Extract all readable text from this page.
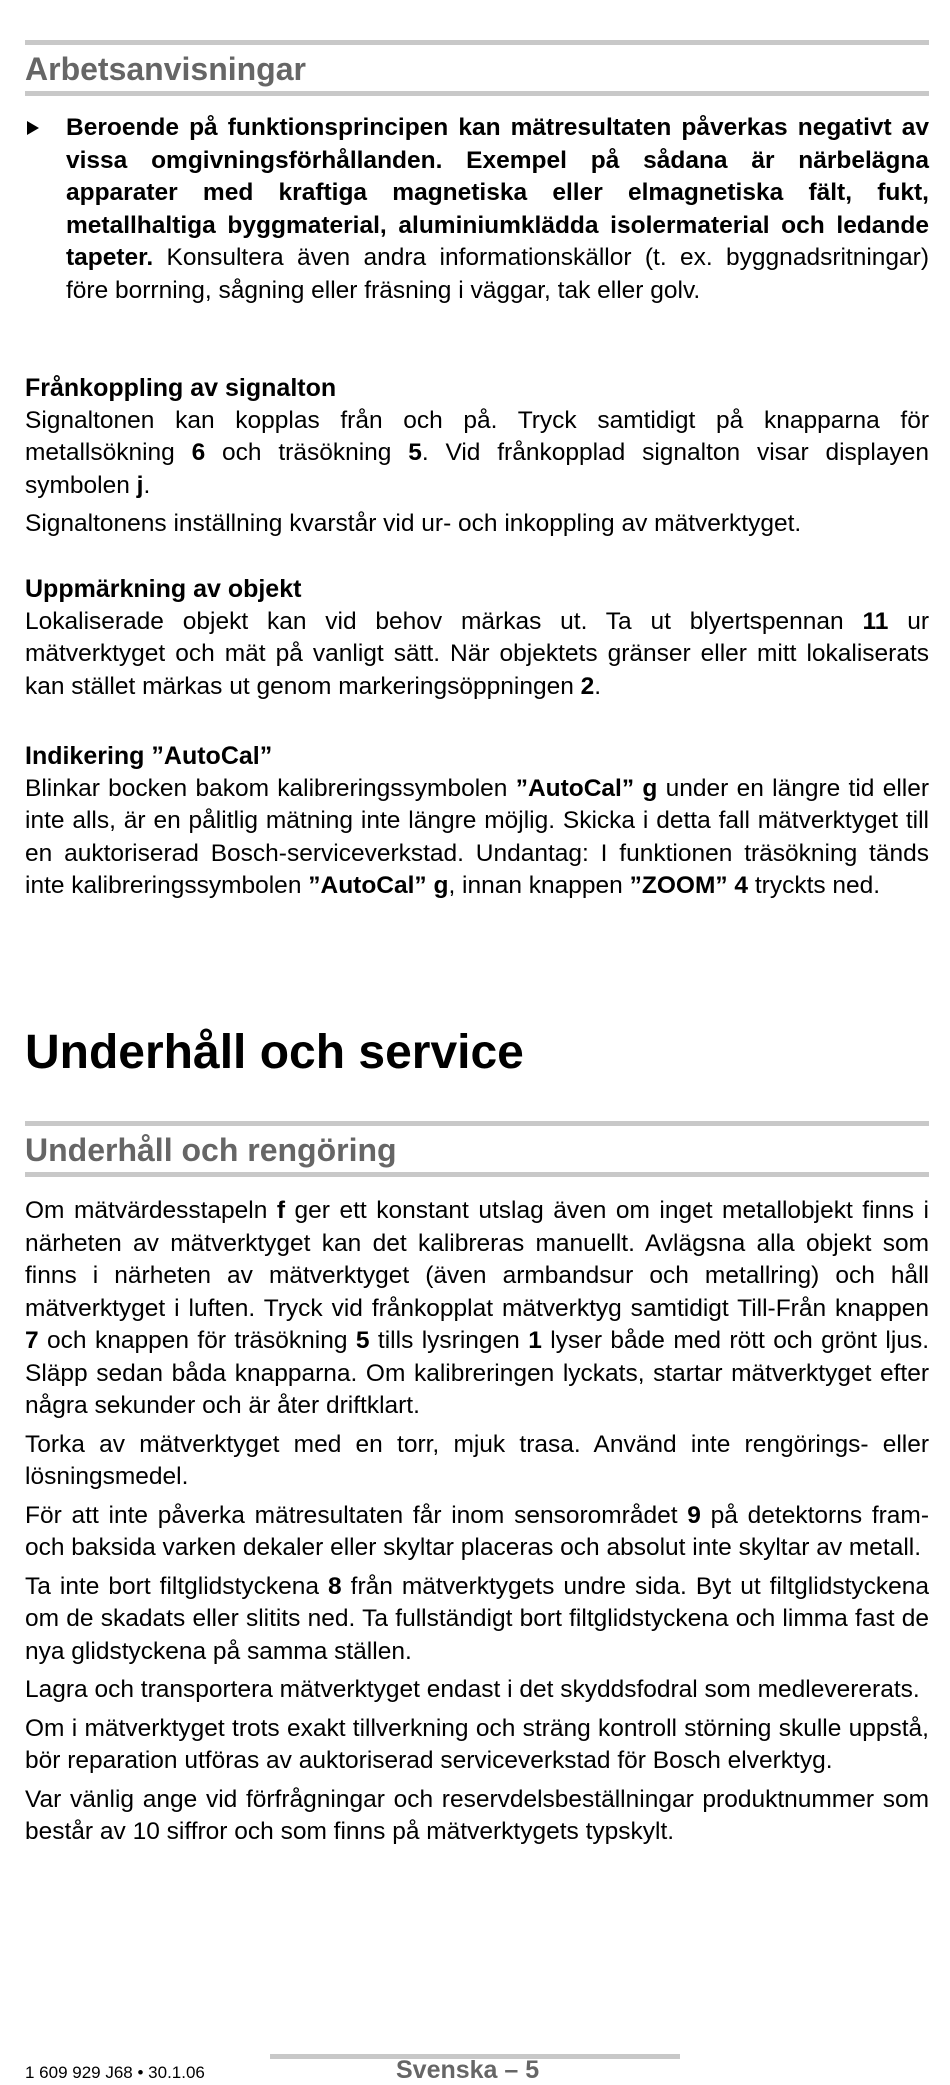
Arbetsanvisningar

Beroende på funktionsprincipen kan mätresultaten påverkas negativt av vissa omgivningsförhållanden. Exempel på sådana är närbelägna apparater med kraftiga magnetiska eller elmagnetiska fält, fukt, metallhaltiga byggmaterial, aluminiumklädda isolermaterial och ledande tapeter. Konsultera även andra informationskällor (t. ex. byggnadsritningar) före borrning, sågning eller fräsning i väggar, tak eller golv.

Frånkoppling av signalton

Signaltonen kan kopplas från och på. Tryck samtidigt på knapparna för metallsökning 6 och träsökning 5. Vid frånkopplad signalton visar displayen symbolen j.

Signaltonens inställning kvarstår vid ur- och inkoppling av mätverktyget.

Uppmärkning av objekt

Lokaliserade objekt kan vid behov märkas ut. Ta ut blyertspennan 11 ur mätverktyget och mät på vanligt sätt. När objektets gränser eller mitt lokaliserats kan stället märkas ut genom markeringsöppningen 2.

Indikering ”AutoCal”

Blinkar bocken bakom kalibreringssymbolen ”AutoCal” g under en längre tid eller inte alls, är en pålitlig mätning inte längre möjlig. Skicka i detta fall mätverktyget till en auktoriserad Bosch-serviceverkstad. Undantag: I funktionen träsökning tänds inte kalibreringssymbolen ”AutoCal” g, innan knappen ”ZOOM” 4 tryckts ned.

Underhåll och service
Underhåll och rengöring

Om mätvärdesstapeln f ger ett konstant utslag även om inget metallobjekt finns i närheten av mätverktyget kan det kalibreras manuellt. Avlägsna alla objekt som finns i närheten av mätverktyget (även armbandsur och metallring) och håll mätverktyget i luften. Tryck vid frånkopplat mätverktyg samtidigt Till-Från knappen 7 och knappen för träsökning 5 tills lysringen 1 lyser både med rött och grönt ljus. Släpp sedan båda knapparna. Om kalibreringen lyckats, startar mätverktyget efter några sekunder och är åter driftklart.

Torka av mätverktyget med en torr, mjuk trasa. Använd inte rengörings- eller lösningsmedel.

För att inte påverka mätresultaten får inom sensorområdet 9 på detektorns fram- och baksida varken dekaler eller skyltar placeras och absolut inte skyltar av metall.

Ta inte bort filtglidstyckena 8 från mätverktygets undre sida. Byt ut filtglidstyckena om de skadats eller slitits ned. Ta fullständigt bort filtglidstyckena och limma fast de nya glidstyckena på samma ställen.

Lagra och transportera mätverktyget endast i det skyddsfodral som medlevererats.

Om i mätverktyget trots exakt tillverkning och sträng kontroll störning skulle uppstå, bör reparation utföras av auktoriserad serviceverkstad för Bosch elverktyg.

Var vänlig ange vid förfrågningar och reservdelsbeställningar produktnummer som består av 10 siffror och som finns på mätverktygets typskylt.

1 609 929 J68 • 30.1.06	Svenska – 5
